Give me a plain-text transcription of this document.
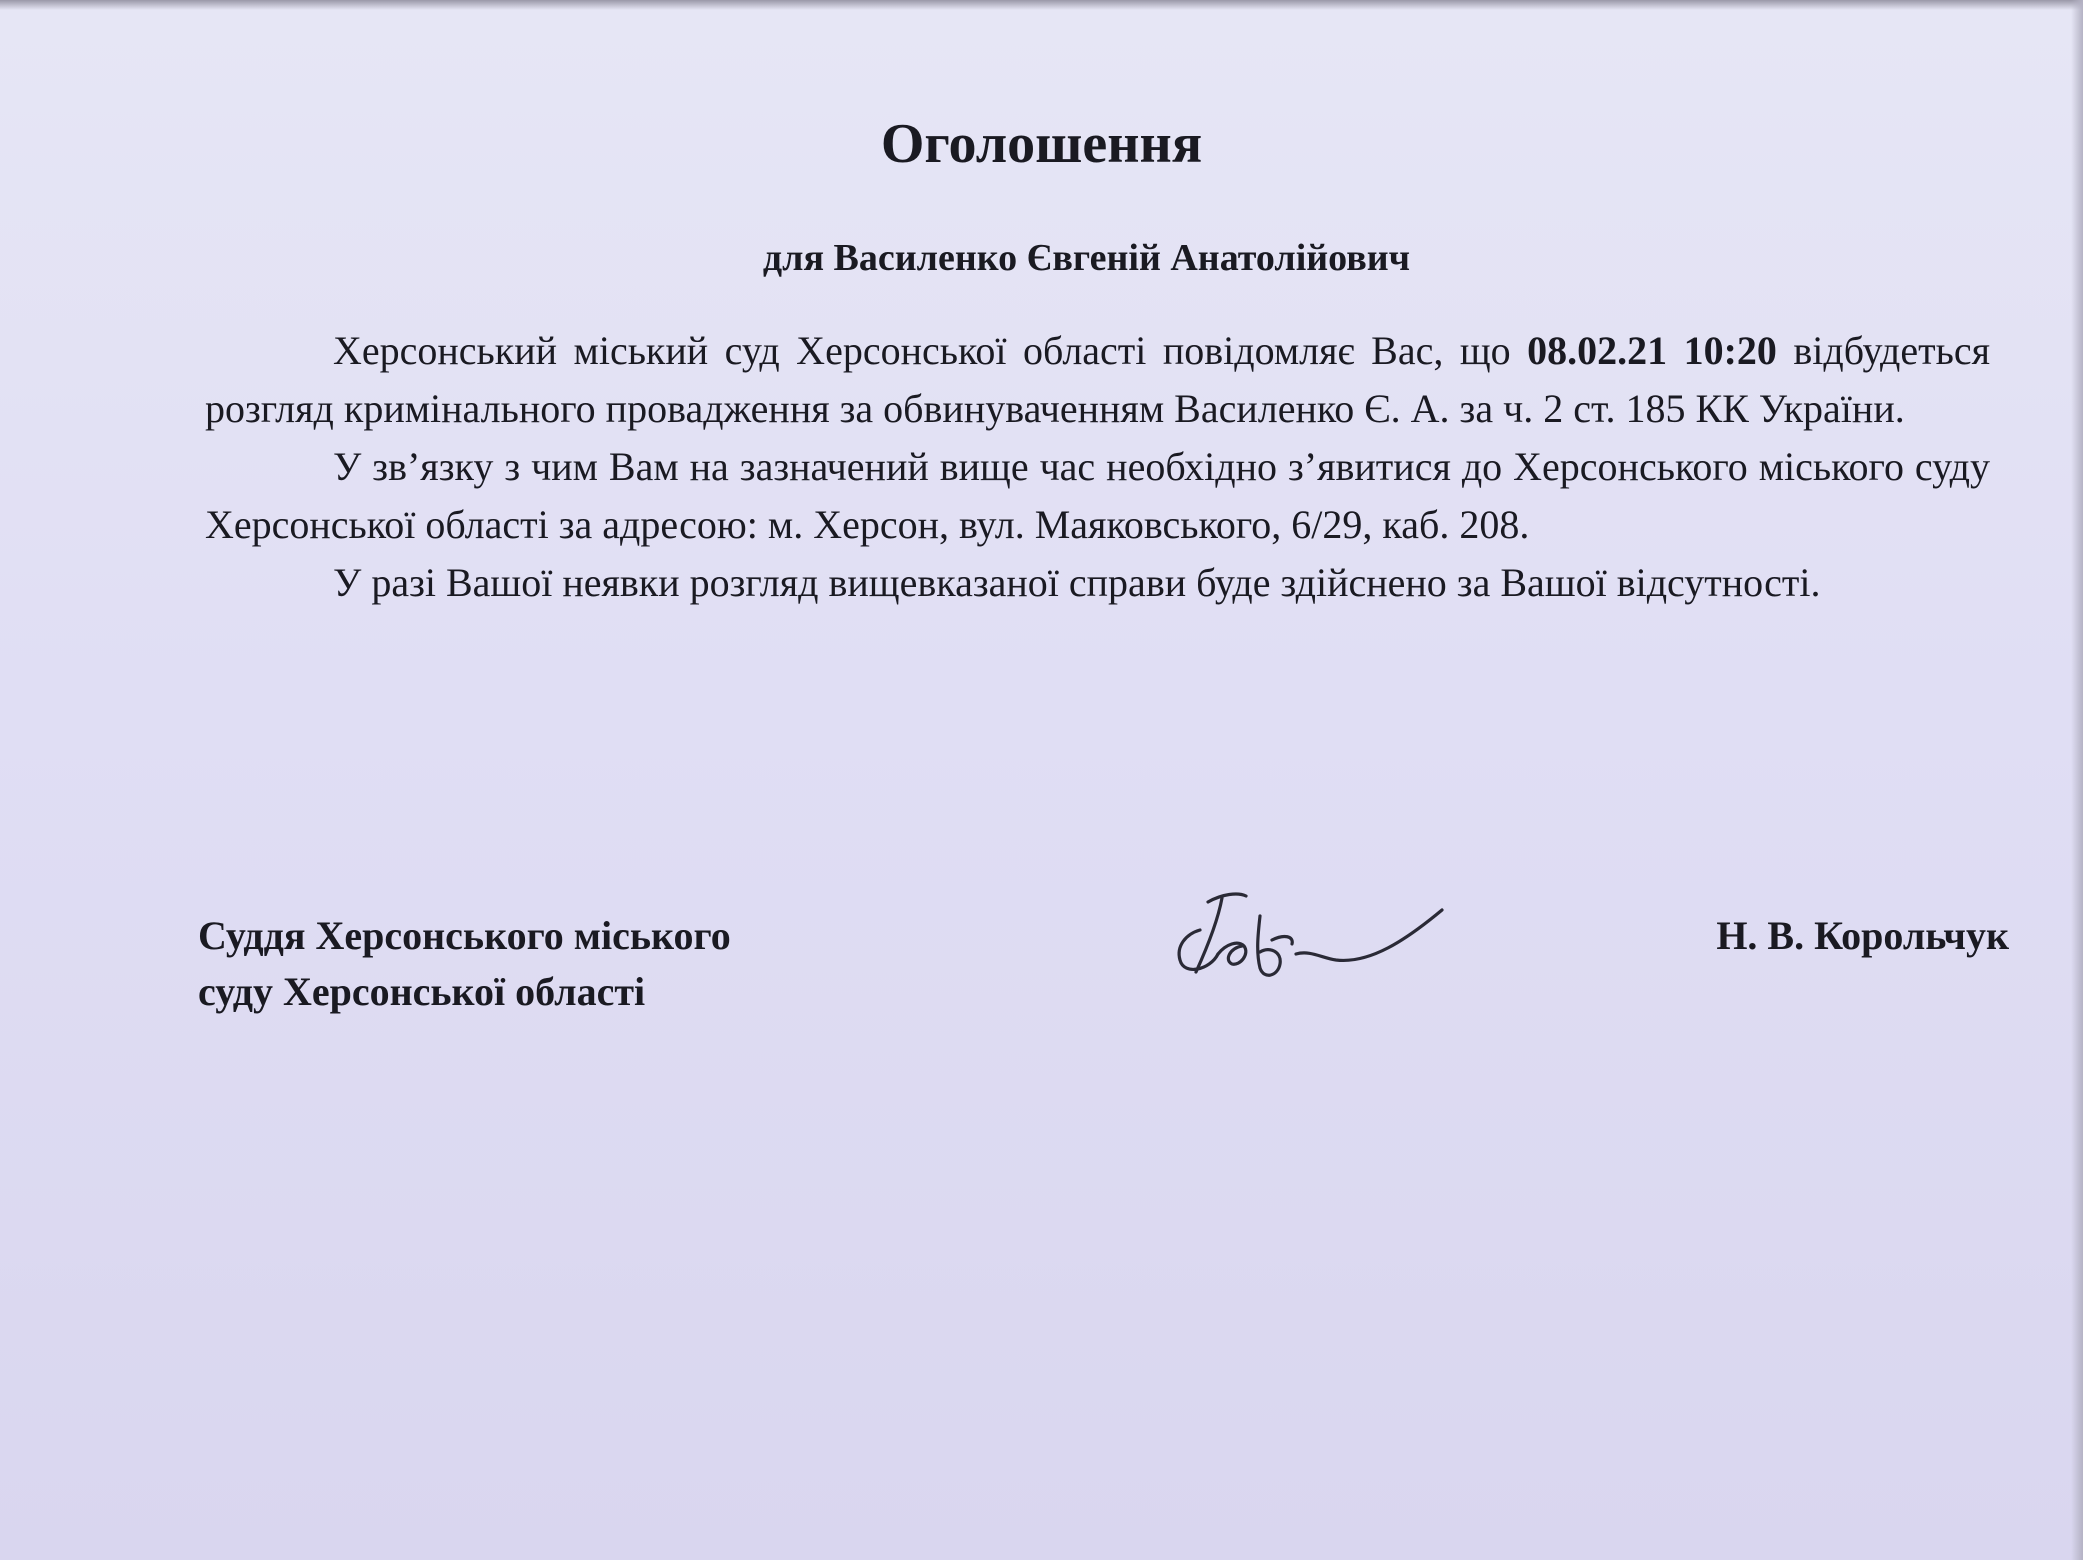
Оголошення
для Василенко Євгеній Анатолійович

Херсонський міський суд Херсонської області повідомляє Вас, що 08.02.21 10:20 відбудеться розгляд кримінального провадження за обвинуваченням Василенко Є. А. за ч. 2 ст. 185 КК України.

У зв’язку з чим Вам на зазначений вище час необхідно з’явитися до Херсонського міського суду Херсонської області за адресою: м. Херсон, вул. Маяковського, 6/29, каб. 208.

У разі Вашої неявки розгляд вищевказаної справи буде здійснено за Вашої відсутності.

Суддя Херсонського міського
суду Херсонської області
Н. В. Корольчук
